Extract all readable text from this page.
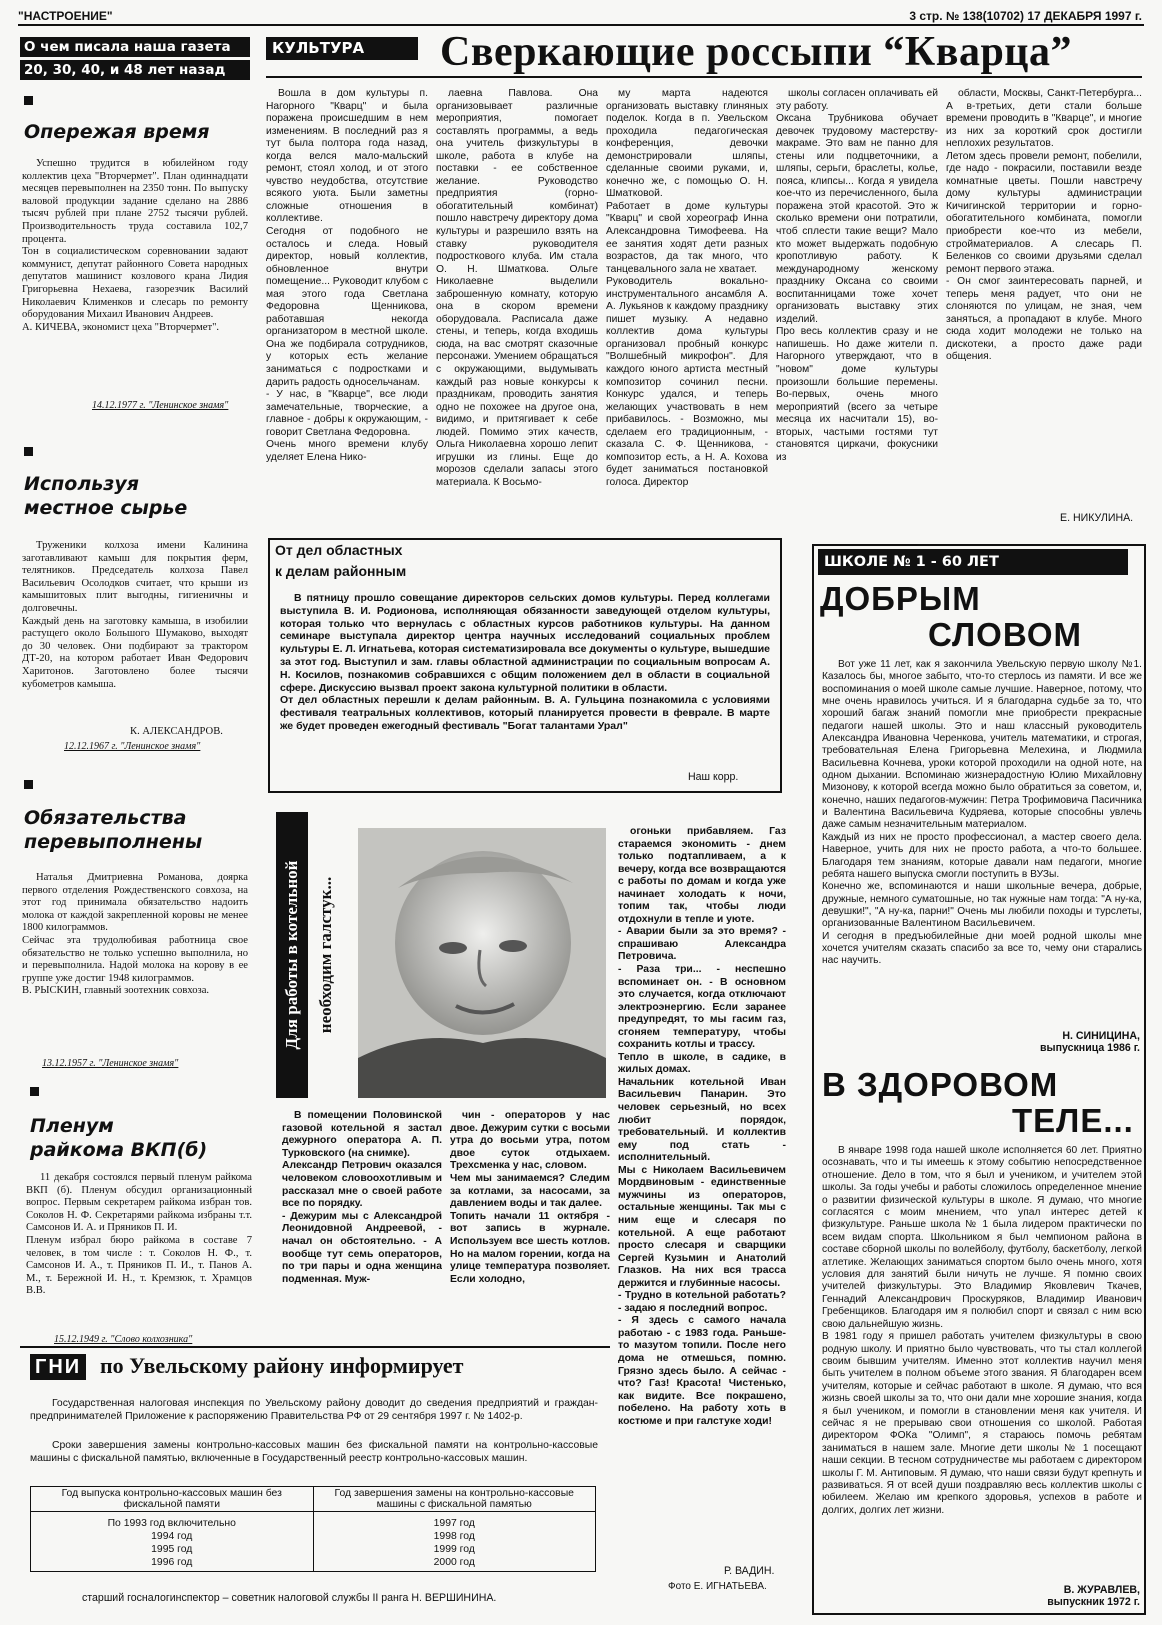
"НАСТРОЕНИЕ"	3 стр. № 138(10702) 17 ДЕКАБРЯ 1997 г.
О чем писала наша газета
20, 30, 40, и 48 лет назад
Опережая время
Успешно трудится в юбилейном году коллектив цеха "Вторчермет". План одиннадцати месяцев перевыполнен на 2350 тонн. По выпуску валовой продукции задание сделано на 2886 тысяч рублей при плане 2752 тысячи рублей. Производительность труда составила 102,7 процента.
Тон в социалистическом соревновании задают коммунист, депутат районного Совета народных депутатов машинист козлового крана Лидия Григорьевна Нехаева, газорезчик Василий Николаевич Клименков и слесарь по ремонту оборудования Михаил Иванович Андреев.
А. КИЧЕВА, экономист цеха "Вторчермет".
14.12.1977 г. "Ленинское знамя"
Используя
местное сырье
Труженики колхоза имени Калинина заготавливают камыш для покрытия ферм, телятников. Председатель колхоза Павел Васильевич Осолодков считает, что крыши из камышитовых плит выгодны, гигиеничны и долговечны.
Каждый день на заготовку камыша, в изобилии растущего около Большого Шумаково, выходят до 30 человек. Они подбирают за трактором ДТ-20, на котором работает Иван Федорович Харитонов. Заготовлено более тысячи кубометров камыша.
К. АЛЕКСАНДРОВ.
12.12.1967 г. "Ленинское знамя"
Обязательства
перевыполнены
Наталья Дмитриевна Романова, доярка первого отделения Рождественского совхоза, на этот год принимала обязательство надоить молока от каждой закрепленной коровы не менее 1800 килограммов.
Сейчас эта трудолюбивая работница свое обязательство не только успешно выполнила, но и перевыполнила. Надой молока на корову в ее группе уже достиг 1948 килограммов.
В. РЫСКИН, главный зоотехник совхоза.
13.12.1957 г. "Ленинское знамя"
Пленум
райкома ВКП(б)
11 декабря состоялся первый пленум райкома ВКП (б). Пленум обсудил организационный вопрос. Первым секретарем райкома избран тов. Соколов Н. Ф. Секретарями райкома избраны т.т. Самсонов И. А. и Пряников П. И.
Пленум избрал бюро райкома в составе 7 человек, в том числе : т. Соколов Н. Ф., т. Самсонов И. А., т. Пряников П. И., т. Панов А. М., т. Бережной И. Н., т. Кремзюк, т. Храмцов В.В.
15.12.1949 г. "Слово колхозника"
КУЛЬТУРА	Сверкающие россыпи “Кварца”
Вошла в дом культуры п. Нагорного "Кварц" и была поражена происшедшим в нем изменениям. В последний раз я тут была полтора года назад, когда велся мало-мальский ремонт, стоял холод, и от этого чувство неудобства, отсутствие всякого уюта. Были заметны сложные отношения в коллективе.
Сегодня от подобного не осталось и следа. Новый директор, новый коллектив, обновленное внутри помещение... Руководит клубом с мая этого года Светлана Федоровна Щенникова, работавшая некогда организатором в местной школе. Она же подбирала сотрудников, у которых есть желание заниматься с подростками и дарить радость односельчанам.
- У нас, в "Кварце", все люди замечательные, творческие, а главное - добры к окружающим, - говорит Светлана Федоровна.
Очень много времени клубу уделяет Елена Нико-
лаевна Павлова. Она организовывает различные мероприятия, помогает составлять программы, а ведь она учитель физкультуры в школе, работа в клубе на поставки - ее собственное желание. Руководство предприятия (горно-обогатительный комбинат) пошло навстречу директору дома культуры и разрешило взять на ставку руководителя подросткового клуба. Им стала О. Н. Шматкова. Ольге Николаевне выделили заброшенную комнату, которую она в скором времени оборудовала. Расписала даже стены, и теперь, когда входишь сюда, на вас смотрят сказочные персонажи. Умением обращаться с окружающими, выдумывать каждый раз новые конкурсы к праздникам, проводить занятия одно не похожее на другое она, видимо, и притягивает к себе людей. Помимо этих качеств, Ольга Николаевна хорошо лепит игрушки из глины. Еще до морозов сделали запасы этого материала. К Восьмо-
му марта надеются организовать выставку глиняных поделок. Когда в п. Увельском проходила педагогическая конференция, девочки демонстрировали шляпы, сделанные своими руками, и, конечно же, с помощью О. Н. Шматковой.
Работает в доме культуры "Кварц" и свой хореограф Инна Александровна Тимофеева. На ее занятия ходят дети разных возрастов, да так много, что танцевального зала не хватает.
Руководитель вокально-инструментального ансамбля А. А. Лукьянов к каждому празднику пишет музыку. А недавно коллектив дома культуры организовал пробный конкурс "Волшебный микрофон". Для каждого юного артиста местный композитор сочинил песни. Конкурс удался, и теперь желающих участвовать в нем прибавилось. - Возможно, мы сделаем его традиционным, - сказала С. Ф. Щенникова, - композитор есть, а Н. А. Кохова будет заниматься постановкой голоса. Директор
школы согласен оплачивать ей эту работу.
Оксана Трубникова обучает девочек трудовому мастерству-макраме. Это вам не панно для стены или подцветочники, а шляпы, серьги, браслеты, колье, пояса, клипсы... Когда я увидела кое-что из перечисленного, была поражена этой красотой. Это ж сколько времени они потратили, чтоб сплести такие вещи? Мало кто может выдержать подобную кропотливую работу. К международному женскому празднику Оксана со своими воспитанницами тоже хочет организовать выставку этих изделий.
Про весь коллектив сразу и не напишешь. Но даже жители п. Нагорного утверждают, что в "новом" доме культуры произошли большие перемены. Во-первых, очень много мероприятий (всего за четыре месяца их насчитали 15), во-вторых, частыми гостями тут становятся циркачи, фокусники из
области, Москвы, Санкт-Петербурга... А в-третьих, дети стали больше времени проводить в "Кварце", и многие из них за короткий срок достигли неплохих результатов.
Летом здесь провели ремонт, побелили, где надо - покрасили, поставили везде комнатные цветы. Пошли навстречу дому культуры администрации Кичигинской территории и горно-обогатительного комбината, помогли приобрести кое-что из мебели, стройматериалов. А слесарь П. Беленков со своими друзьями сделал ремонт первого этажа.
- Он смог заинтересовать парней, и теперь меня радует, что они не слоняются по улицам, не зная, чем заняться, а пропадают в клубе. Много сюда ходит молодежи не только на дискотеки, а просто даже ради общения.
Е. НИКУЛИНА.
От дел областных
к делам районным
В пятницу прошло совещание директоров сельских домов культуры. Перед коллегами выступила В. И. Родионова, исполняющая обязанности заведующей отделом культуры, которая только что вернулась с областных курсов работников культуры. На данном семинаре выступала директор центра научных исследований социальных проблем культуры Е. Л. Игнатьева, которая систематизировала все документы о культуре, вышедшие за этот год. Выступил и зам. главы областной администрации по социальным вопросам А. Н. Косилов, познакомив собравшихся с общим положением дел в области в социальной сфере. Дискуссию вызвал проект закона культурной политики в области.
От дел областных перешли к делам районным. В. А. Гульцина познакомила с условиями фестиваля театральных коллективов, который планируется провести в феврале. В марте же будет проведен ежегодный фестиваль "Богат талантами Урал"
Наш корр.
Для работы в котельной необходим галстук...
В помещении Половинской газовой котельной я застал дежурного оператора А. П. Турковского (на снимке).
Александр Петрович оказался человеком словоохотливым и рассказал мне о своей работе все по порядку.
- Дежурим мы с Александрой Леонидовной Андреевой, - начал он обстоятельно. - А вообще тут семь операторов, по три пары и одна женщина подменная. Муж-
чин - операторов у нас двое. Дежурим сутки с восьми утра до восьми утра, потом двое суток отдыхаем. Трехсменка у нас, словом.
Чем мы занимаемся? Следим за котлами, за насосами, за давлением воды и так далее.
Топить начали 11 октября - вот запись в журнале. Используем все шесть котлов. Но на малом горении, когда на улице температура позволяет. Если холодно,
огоньки прибавляем. Газ стараемся экономить - днем только подтапливаем, а к вечеру, когда все возвращаются с работы по домам и когда уже начинает холодать к ночи, топим так, чтобы люди отдохнули в тепле и уюте.
- Аварии были за это время? - спрашиваю Александра Петровича.
- Раза три... - неспешно вспоминает он. - В основном это случается, когда отключают электроэнергию. Если заранее предупредят, то мы гасим газ, сгоняем температуру, чтобы сохранить котлы и трассу.
Тепло в школе, в садике, в жилых домах.
Начальник котельной Иван Васильевич Панарин. Это человек серьезный, но всех любит порядок, требовательный. И коллектив ему под стать - исполнительный.
Мы с Николаем Васильевичем Мордвиновым - единственные мужчины из операторов, остальные женщины. Так мы с ним еще и слесаря по котельной. А еще работают просто слесаря и сварщики Сергей Кузьмин и Анатолий Глазков. На них вся трасса держится и глубинные насосы.
- Трудно в котельной работать? - задаю я последний вопрос.
- Я здесь с самого начала работаю - с 1983 года. Раньше-то мазутом топили. После него дома не отмешься, помню. Грязно здесь было. А сейчас - что? Газ! Красота! Чистенько, как видите. Все покрашено, побелено. На работу хоть в костюме и при галстуке ходи!
Р. ВАДИН.
Фото Е. ИГНАТЬЕВА.
ГНИ по Увельскому району информирует
Государственная налоговая инспекция по Увельскому району доводит до сведения предприятий и граждан-предпринимателей Приложение к распоряжению Правительства РФ от 29 сентября 1997 г. № 1402-р.
Сроки завершения замены контрольно-кассовых машин без фискальной памяти на контрольно-кассовые машины с фискальной памятью, включенные в Государственный реестр контрольно-кассовых машин.
Год выпуска контрольно-кассовых машин без фискальной памяти	Год завершения замены на контрольно-кассовые машины с фискальной памятью
По 1993 год включительно	1997 год
1994 год	1998 год
1995 год	1999 год
1996 год	2000 год
старший госналогинспектор – советник налоговой службы II ранга Н. ВЕРШИНИНА.
ШКОЛЕ № 1 - 60 ЛЕТ
ДОБРЫМ
СЛОВОМ
Вот уже 11 лет, как я закончила Увельскую первую школу №1. Казалось бы, многое забыто, что-то стерлось из памяти. И все же воспоминания о моей школе самые лучшие. Наверное, потому, что мне очень нравилось учиться. И я благодарна судьбе за то, что хороший багаж знаний помогли мне приобрести прекрасные педагоги нашей школы. Это и наш классный руководитель Александра Ивановна Черенкова, учитель математики, и строгая, требовательная Елена Григорьевна Мелехина, и Людмила Васильевна Кочнева, уроки которой проходили на одной ноте, на одном дыхании. Вспоминаю жизнерадостную Юлию Михайловну Мизонову, к которой всегда можно было обратиться за советом, и, конечно, наших педагогов-мужчин: Петра Трофимовича Пасичника и Валентина Васильевича Кудряева, которые способны увлечь даже самым незначительным материалом.
Каждый из них не просто профессионал, а мастер своего дела. Наверное, учить для них не просто работа, а что-то большее. Благодаря тем знаниям, которые давали нам педагоги, многие ребята нашего выпуска смогли поступить в ВУЗы.
Конечно же, вспоминаются и наши школьные вечера, добрые, дружные, немного суматошные, но так нужные нам тогда: "А ну-ка, девушки!", "А ну-ка, парни!" Очень мы любили походы и турслеты, организованные Валентином Васильевичем.
И сегодня в предъюбилейные дни моей родной школы мне хочется учителям сказать спасибо за все то, чему они старались нас научить.
Н. СИНИЦИНА,
выпускница 1986 г.
В ЗДОРОВОМ
ТЕЛЕ...
В январе 1998 года нашей школе исполняется 60 лет. Приятно осознавать, что и ты имеешь к этому событию непосредственное отношение. Дело в том, что я был и учеником, и учителем этой школы. За годы учебы и работы сложилось определенное мнение о развитии физической культуры в школе. Я думаю, что многие согласятся с моим мнением, что упал интерес детей к физкультуре. Раньше школа № 1 была лидером практически по всем видам спорта. Школьником я был чемпионом района в составе сборной школы по волейболу, футболу, баскетболу, легкой атлетике. Желающих заниматься спортом было очень много, хотя условия для занятий были ничуть не лучше. Я помню своих учителей физкультуры. Это Владимир Яковлевич Ткачев, Геннадий Александрович Проскуряков, Владимир Иванович Гребенщиков. Благодаря им я полюбил спорт и связал с ним всю свою дальнейшую жизнь.
В 1981 году я пришел работать учителем физкультуры в свою родную школу. И приятно было чувствовать, что ты стал коллегой своим бывшим учителям. Именно этот коллектив научил меня быть учителем в полном объеме этого звания. Я благодарен всем учителям, которые и сейчас работают в школе. Я думаю, что вся жизнь своей школы за то, что они дали мне хорошие знания, когда я был учеником, и помогли в становлении меня как учителя. И сейчас я не прерываю свои отношения со школой. Работая директором ФОКа "Олимп", я стараюсь помочь ребятам заниматься в нашем зале. Многие дети школы № 1 посещают наши секции. В тесном сотрудничестве мы работаем с директором школы Г. М. Антиповым. Я думаю, что наши связи будут крепнуть и развиваться. Я от всей души поздравляю весь коллектив школы с юбилеем. Желаю им крепкого здоровья, успехов в работе и долгих, долгих лет жизни.
В. ЖУРАВЛЕВ,
выпускник 1972 г.
